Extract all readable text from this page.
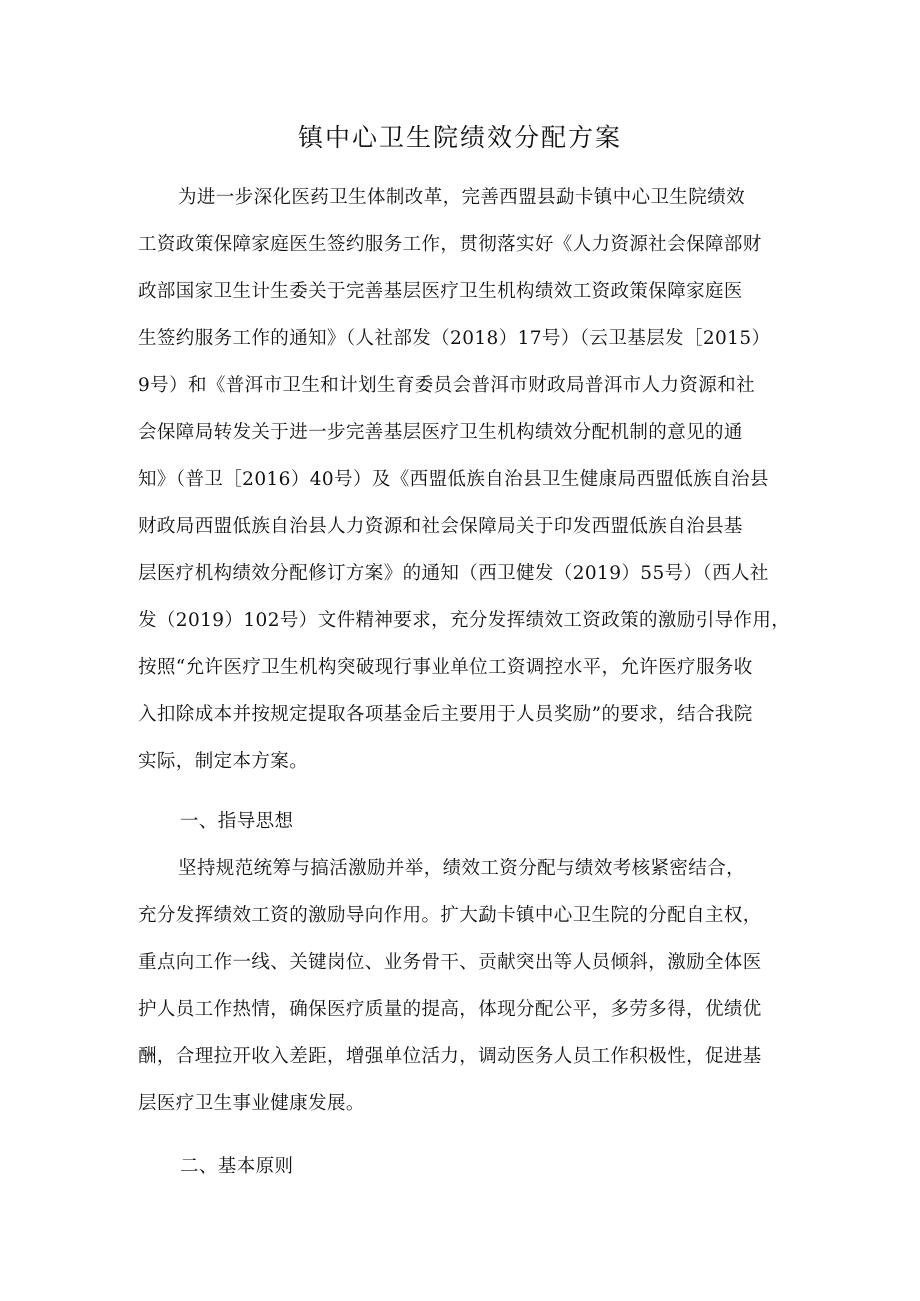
镇中心卫生院绩效分配方案
为进一步深化医药卫生体制改革，完善西盟县勐卡镇中心卫生院绩效
工资政策保障家庭医生签约服务工作，贯彻落实好《人力资源社会保障部财
政部国家卫生计生委关于完善基层医疗卫生机构绩效工资政策保障家庭医
生签约服务工作的通知》（人社部发（2018）17号）（云卫基层发［2015）
9号）和《普洱市卫生和计划生育委员会普洱市财政局普洱市人力资源和社
会保障局转发关于进一步完善基层医疗卫生机构绩效分配机制的意见的通
知》（普卫［2016）40号）及《西盟低族自治县卫生健康局西盟低族自治县
财政局西盟低族自治县人力资源和社会保障局关于印发西盟低族自治县基
层医疗机构绩效分配修订方案》的通知（西卫健发（2019）55号）（西人社
发（2019）102号）文件精神要求，充分发挥绩效工资政策的激励引导作用，
按照“允许医疗卫生机构突破现行事业单位工资调控水平，允许医疗服务收
入扣除成本并按规定提取各项基金后主要用于人员奖励”的要求，结合我院
实际，制定本方案。
一、指导思想
坚持规范统筹与搞活激励并举，绩效工资分配与绩效考核紧密结合，
充分发挥绩效工资的激励导向作用。扩大勐卡镇中心卫生院的分配自主权，
重点向工作一线、关键岗位、业务骨干、贡献突出等人员倾斜，激励全体医
护人员工作热情，确保医疗质量的提高，体现分配公平，多劳多得，优绩优
酬，合理拉开收入差距，增强单位活力，调动医务人员工作积极性，促进基
层医疗卫生事业健康发展。
二、基本原则
